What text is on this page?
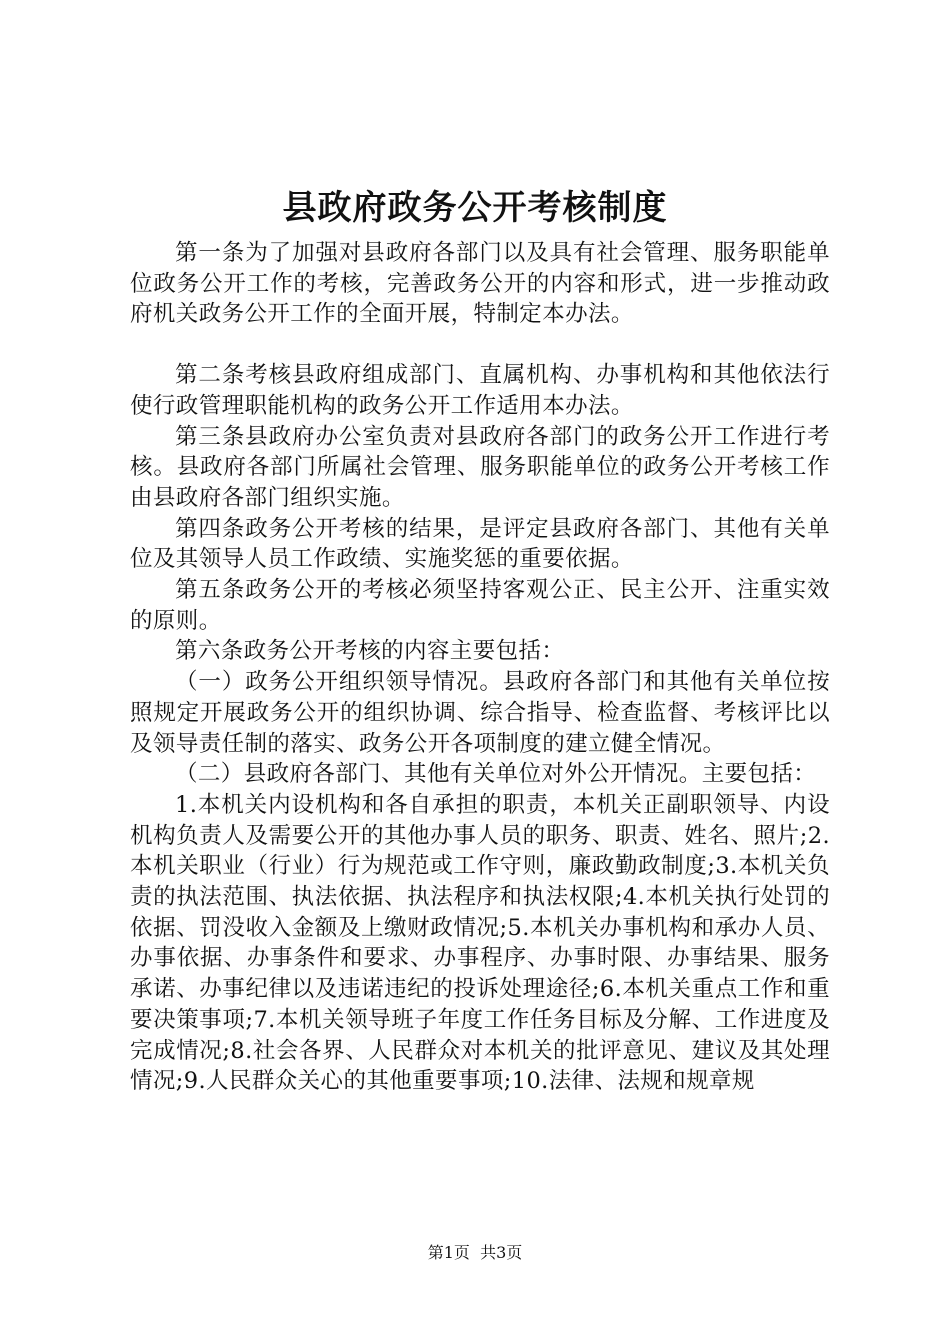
县政府政务公开考核制度

第一条为了加强对县政府各部门以及具有社会管理、服务职能单位政务公开工作的考核，完善政务公开的内容和形式，进一步推动政府机关政务公开工作的全面开展，特制定本办法。

第二条考核县政府组成部门、直属机构、办事机构和其他依法行使行政管理职能机构的政务公开工作适用本办法。

第三条县政府办公室负责对县政府各部门的政务公开工作进行考核。县政府各部门所属社会管理、服务职能单位的政务公开考核工作由县政府各部门组织实施。

第四条政务公开考核的结果，是评定县政府各部门、其他有关单位及其领导人员工作政绩、实施奖惩的重要依据。

第五条政务公开的考核必须坚持客观公正、民主公开、注重实效的原则。

第六条政务公开考核的内容主要包括：

（一）政务公开组织领导情况。县政府各部门和其他有关单位按照规定开展政务公开的组织协调、综合指导、检查监督、考核评比以及领导责任制的落实、政务公开各项制度的建立健全情况。

（二）县政府各部门、其他有关单位对外公开情况。主要包括：

1.本机关内设机构和各自承担的职责，本机关正副职领导、内设机构负责人及需要公开的其他办事人员的职务、职责、姓名、照片;2.本机关职业（行业）行为规范或工作守则，廉政勤政制度;3.本机关负责的执法范围、执法依据、执法程序和执法权限;4.本机关执行处罚的依据、罚没收入金额及上缴财政情况;5.本机关办事机构和承办人员、办事依据、办事条件和要求、办事程序、办事时限、办事结果、服务承诺、办事纪律以及违诺违纪的投诉处理途径;6.本机关重点工作和重要决策事项;7.本机关领导班子年度工作任务目标及分解、工作进度及完成情况;8.社会各界、人民群众对本机关的批评意见、建议及其处理情况;9.人民群众关心的其他重要事项;10.法律、法规和规章规

第1页 共3页
